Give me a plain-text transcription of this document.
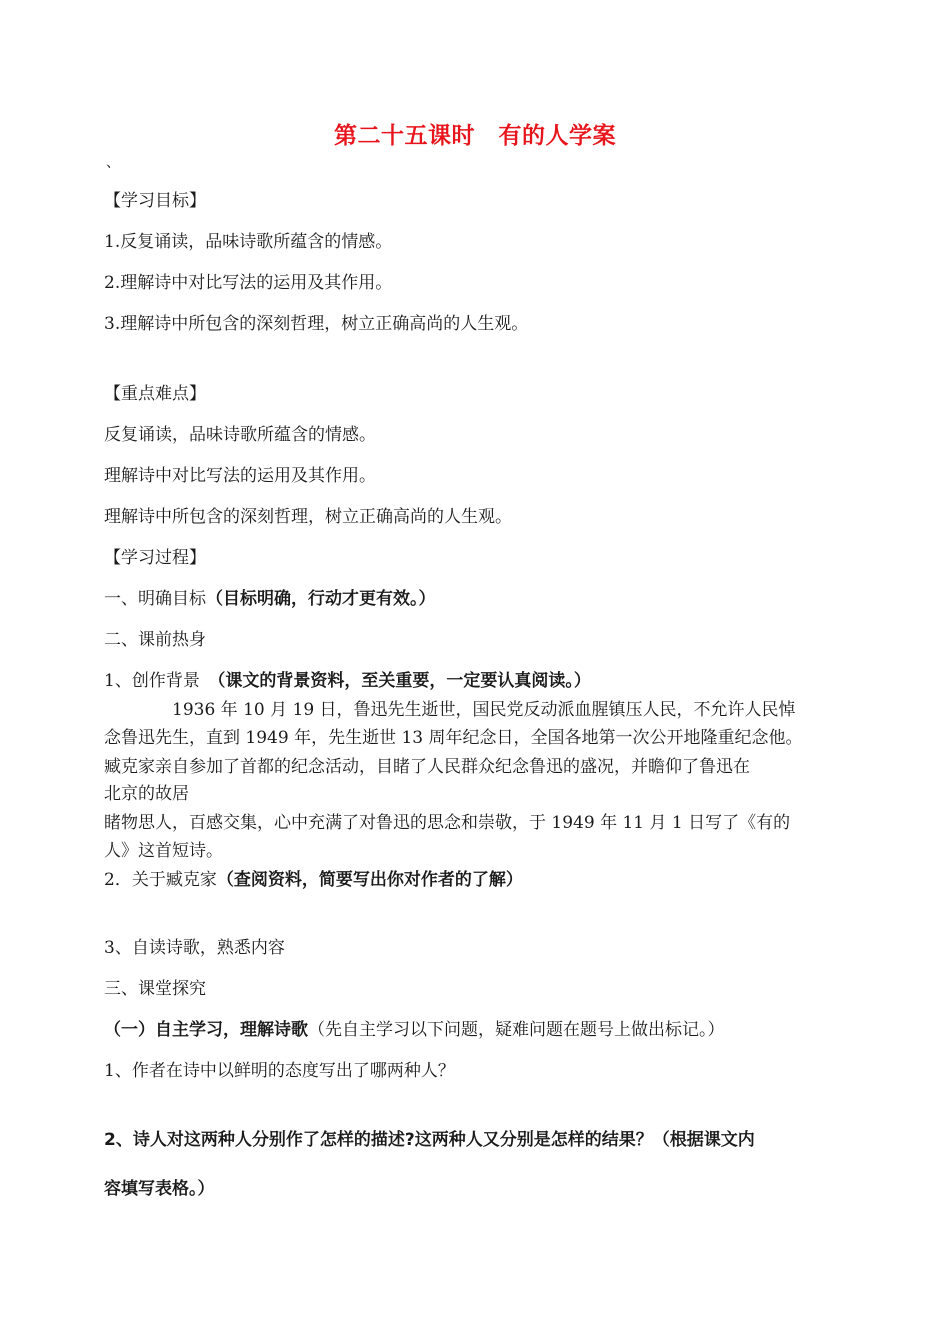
第二十五课时　有的人学案
、
【学习目标】
1.反复诵读，品味诗歌所蕴含的情感。
2.理解诗中对比写法的运用及其作用。
3.理解诗中所包含的深刻哲理，树立正确高尚的人生观。
【重点难点】
反复诵读，品味诗歌所蕴含的情感。
理解诗中对比写法的运用及其作用。
理解诗中所包含的深刻哲理，树立正确高尚的人生观。
【学习过程】
一、明确目标（目标明确，行动才更有效。）
二、课前热身
1、创作背景　（课文的背景资料，至关重要，一定要认真阅读。）
1936 年 10 月 19 日，鲁迅先生逝世，国民党反动派血腥镇压人民，不允许人民悼
念鲁迅先生，直到 1949 年，先生逝世 13 周年纪念日，全国各地第一次公开地隆重纪念他。
臧克家亲自参加了首都的纪念活动，目睹了人民群众纪念鲁迅的盛况，并瞻仰了鲁迅在
北京的故居
睹物思人，百感交集，心中充满了对鲁迅的思念和崇敬，于 1949 年 11 月 1 日写了《有的
人》这首短诗。
2．关于臧克家（查阅资料，简要写出你对作者的了解）
3、自读诗歌，熟悉内容
三、课堂探究
（一）自主学习，理解诗歌（先自主学习以下问题，疑难问题在题号上做出标记。）
1、作者在诗中以鲜明的态度写出了哪两种人？
2、诗人对这两种人分别作了怎样的描述?这两种人又分别是怎样的结果？（根据课文内
容填写表格。）
